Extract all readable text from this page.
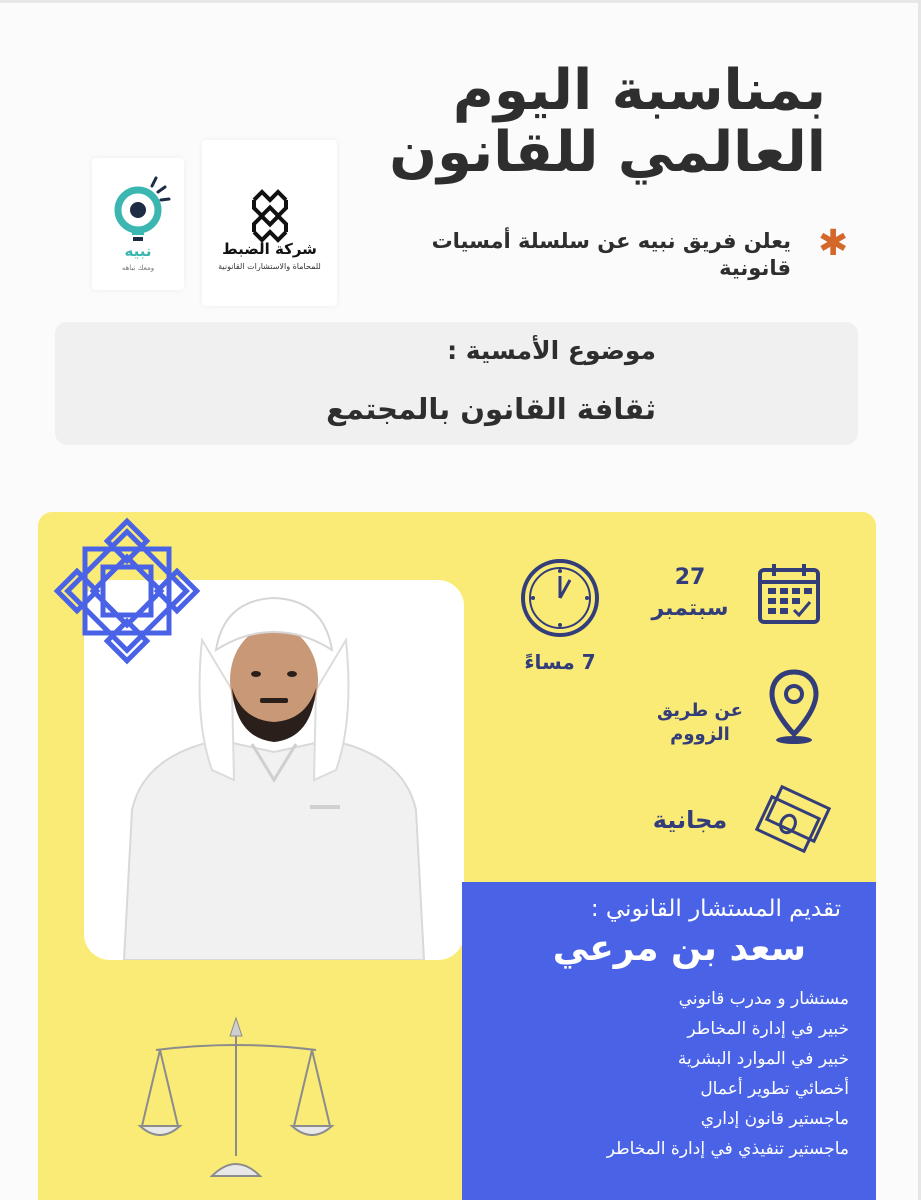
بمناسبة اليوم
العالمي للقانون
✱
يعلن فريق نبيه عن سلسلة أمسيات قانونية
نبيه
ومعك نباهه
شركة الضبط
للمحاماة والاستشارات القانونية
موضوع الأمسية :
ثقافة القانون بالمجتمع
27
سبتمبر
7 مساءً
عن طريق
الزووم
مجانية
تقديم المستشار القانوني :
سعد بن مرعي
مستشار و مدرب قانوني
خبير في إدارة المخاطر
خبير في الموارد البشرية
أخصائي تطوير أعمال
ماجستير قانون إداري
ماجستير تنفيذي في إدارة المخاطر
